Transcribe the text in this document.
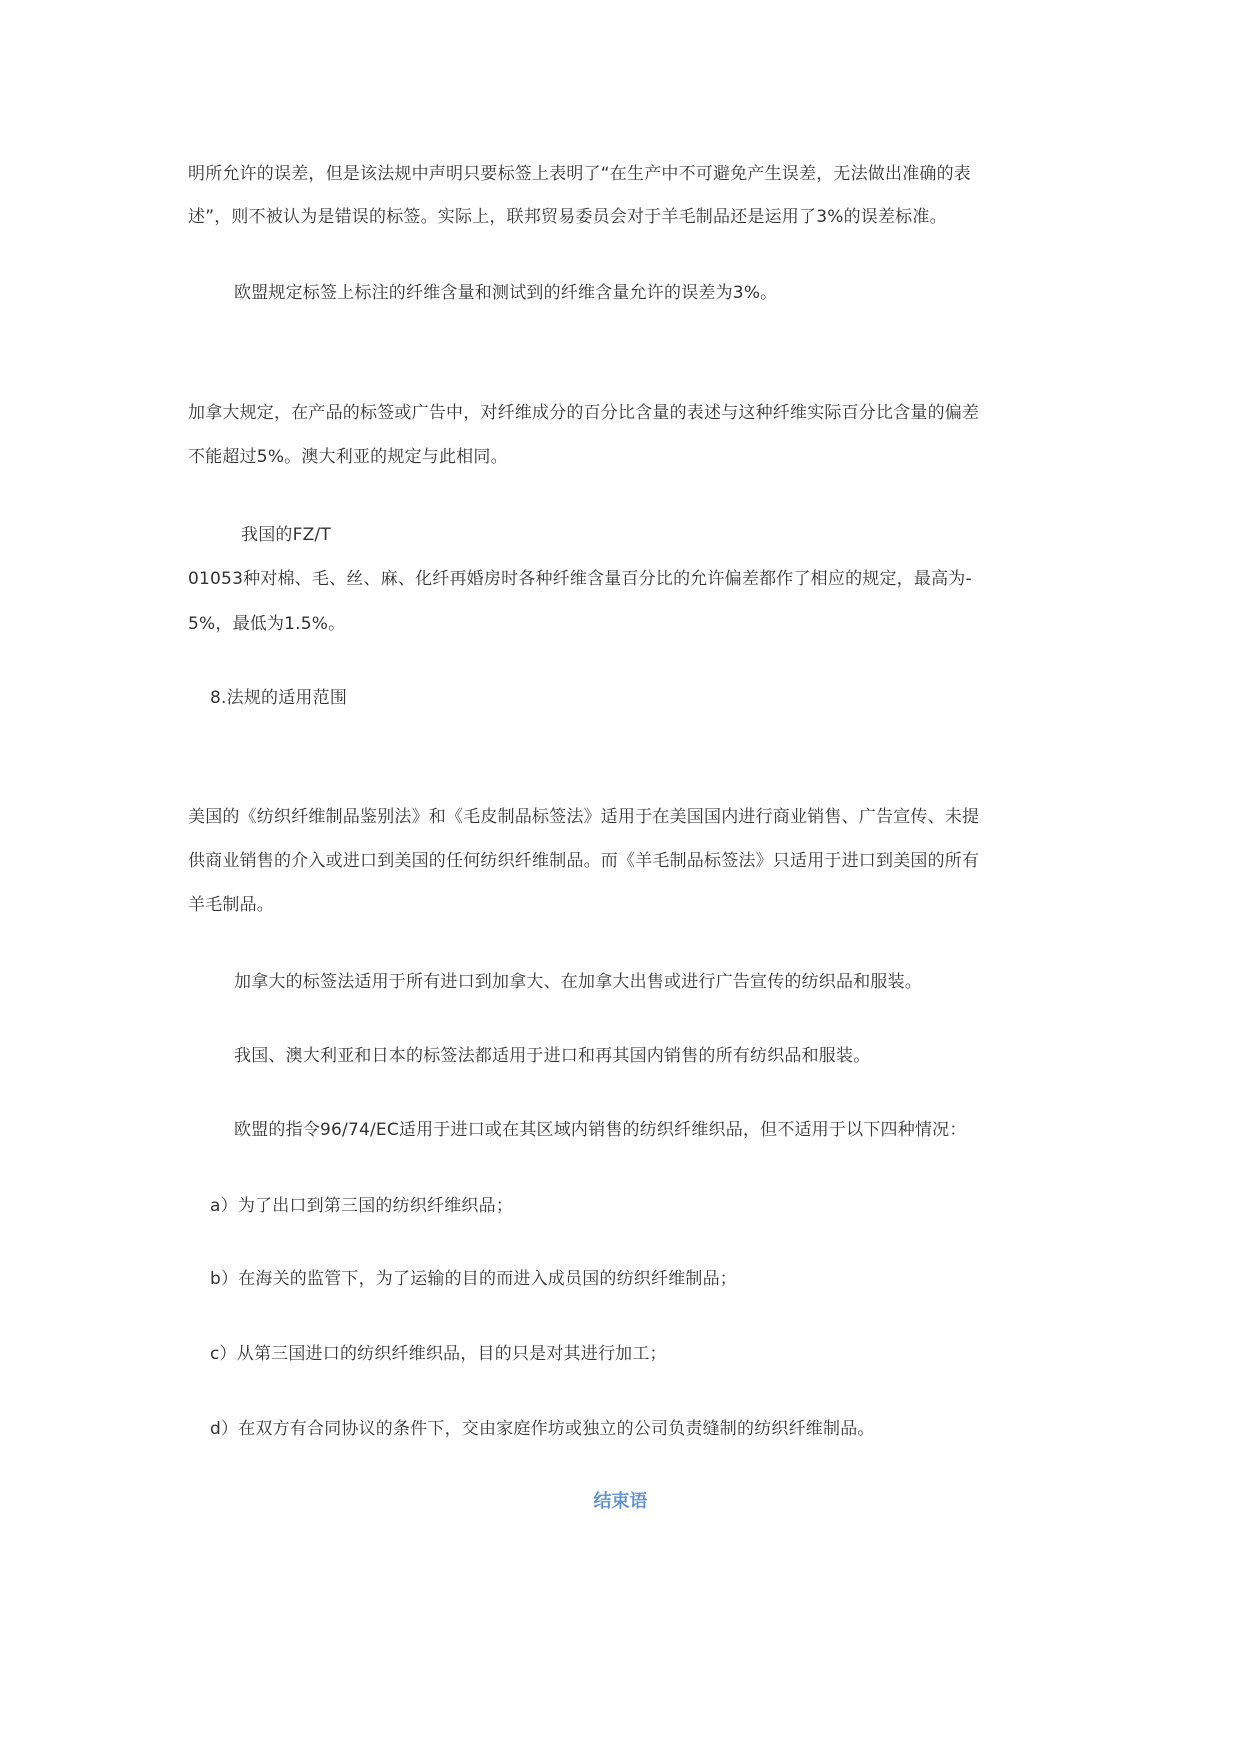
明所允许的误差，但是该法规中声明只要标签上表明了“在生产中不可避免产生误差，无法做出准确的表

述”，则不被认为是错误的标签。实际上，联邦贸易委员会对于羊毛制品还是运用了3%的误差标准。

欧盟规定标签上标注的纤维含量和测试到的纤维含量允许的误差为3%。

加拿大规定，在产品的标签或广告中，对纤维成分的百分比含量的表述与这种纤维实际百分比含量的偏差

不能超过5%。澳大利亚的规定与此相同。

我国的FZ/T

01053种对棉、毛、丝、麻、化纤再婚房时各种纤维含量百分比的允许偏差都作了相应的规定，最高为-

5%，最低为1.5%。

8.法规的适用范围

美国的《纺织纤维制品鉴别法》和《毛皮制品标签法》适用于在美国国内进行商业销售、广告宣传、未提

供商业销售的介入或进口到美国的任何纺织纤维制品。而《羊毛制品标签法》只适用于进口到美国的所有

羊毛制品。

加拿大的标签法适用于所有进口到加拿大、在加拿大出售或进行广告宣传的纺织品和服装。

我国、澳大利亚和日本的标签法都适用于进口和再其国内销售的所有纺织品和服装。

欧盟的指令96/74/EC适用于进口或在其区域内销售的纺织纤维织品，但不适用于以下四种情况：

a）为了出口到第三国的纺织纤维织品；

b）在海关的监管下，为了运输的目的而进入成员国的纺织纤维制品；

c）从第三国进口的纺织纤维织品，目的只是对其进行加工；

d）在双方有合同协议的条件下，交由家庭作坊或独立的公司负责缝制的纺织纤维制品。

结束语
